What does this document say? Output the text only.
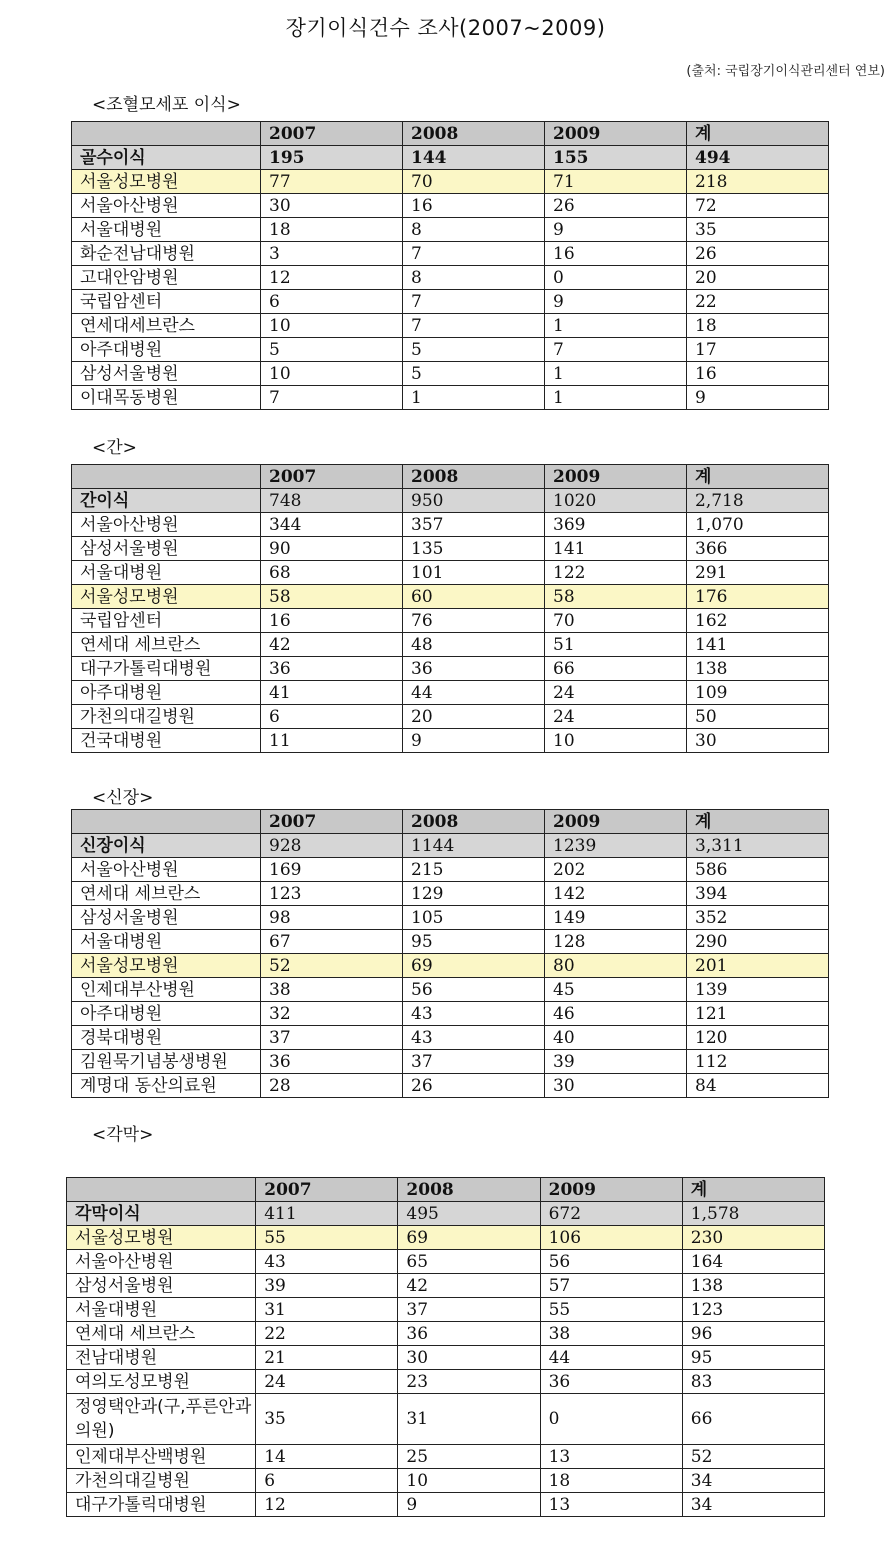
장기이식건수 조사(2007~2009)
(출처: 국립장기이식관리센터 연보)
<조혈모세포 이식>
	2007	2008	2009	계
골수이식	195	144	155	494
서울성모병원	77	70	71	218
서울아산병원	30	16	26	72
서울대병원	18	8	9	35
화순전남대병원	3	7	16	26
고대안암병원	12	8	0	20
국립암센터	6	7	9	22
연세대세브란스	10	7	1	18
아주대병원	5	5	7	17
삼성서울병원	10	5	1	16
이대목동병원	7	1	1	9
<간>
	2007	2008	2009	계
간이식	748	950	1020	2,718
서울아산병원	344	357	369	1,070
삼성서울병원	90	135	141	366
서울대병원	68	101	122	291
서울성모병원	58	60	58	176
국립암센터	16	76	70	162
연세대 세브란스	42	48	51	141
대구가톨릭대병원	36	36	66	138
아주대병원	41	44	24	109
가천의대길병원	6	20	24	50
건국대병원	11	9	10	30
<신장>
	2007	2008	2009	계
신장이식	928	1144	1239	3,311
서울아산병원	169	215	202	586
연세대 세브란스	123	129	142	394
삼성서울병원	98	105	149	352
서울대병원	67	95	128	290
서울성모병원	52	69	80	201
인제대부산병원	38	56	45	139
아주대병원	32	43	46	121
경북대병원	37	43	40	120
김원묵기념봉생병원	36	37	39	112
계명대 동산의료원	28	26	30	84
<각막>
	2007	2008	2009	계
각막이식	411	495	672	1,578
서울성모병원	55	69	106	230
서울아산병원	43	65	56	164
삼성서울병원	39	42	57	138
서울대병원	31	37	55	123
연세대 세브란스	22	36	38	96
전남대병원	21	30	44	95
여의도성모병원	24	23	36	83
정영택안과(구,푸른안과의원)	35	31	0	66
인제대부산백병원	14	25	13	52
가천의대길병원	6	10	18	34
대구가톨릭대병원	12	9	13	34
